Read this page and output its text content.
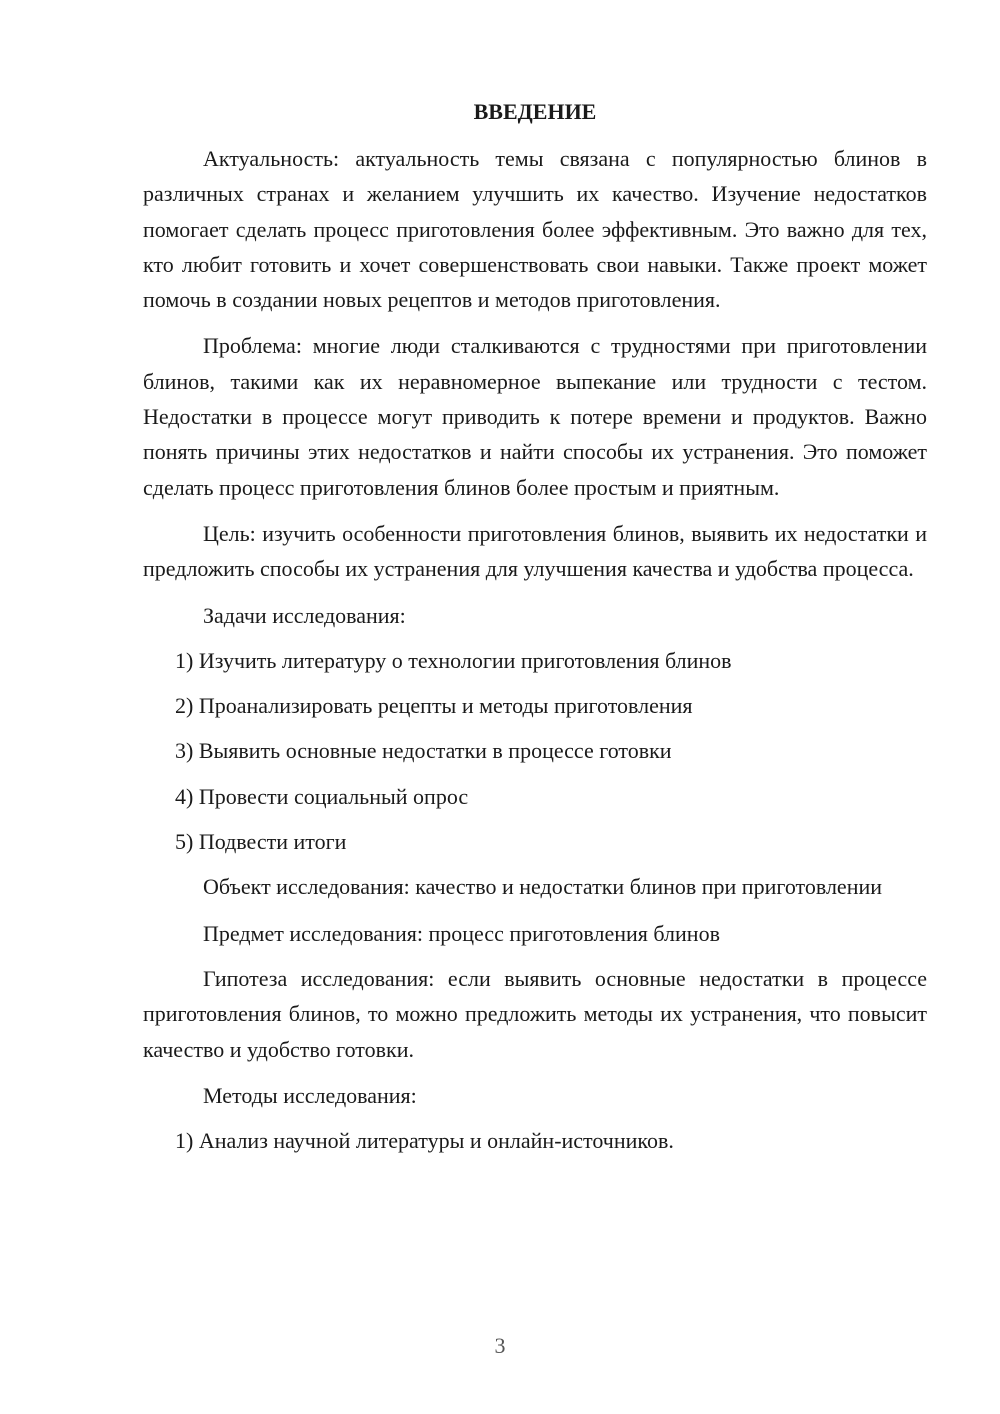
ВВЕДЕНИЕ

Актуальность: актуальность темы связана с популярностью блинов в различных странах и желанием улучшить их качество. Изучение недостатков помогает сделать процесс приготовления более эффективным. Это важно для тех, кто любит готовить и хочет совершенствовать свои навыки. Также проект может помочь в создании новых рецептов и методов приготовления.

Проблема: многие люди сталкиваются с трудностями при приготовлении блинов, такими как их неравномерное выпекание или трудности с тестом. Недостатки в процессе могут приводить к потере времени и продуктов. Важно понять причины этих недостатков и найти способы их устранения. Это поможет сделать процесс приготовления блинов более простым и приятным.

Цель: изучить особенности приготовления блинов, выявить их недостатки и предложить способы их устранения для улучшения качества и удобства процесса.

Задачи исследования:

1) Изучить литературу о технологии приготовления блинов
2) Проанализировать рецепты и методы приготовления
3) Выявить основные недостатки в процессе готовки
4) Провести социальный опрос
5) Подвести итоги

Объект исследования: качество и недостатки блинов при приготовлении

Предмет исследования: процесс приготовления блинов

Гипотеза исследования: если выявить основные недостатки в процессе приготовления блинов, то можно предложить методы их устранения, что повысит качество и удобство готовки.

Методы исследования:

1) Анализ научной литературы и онлайн-источников.
3
